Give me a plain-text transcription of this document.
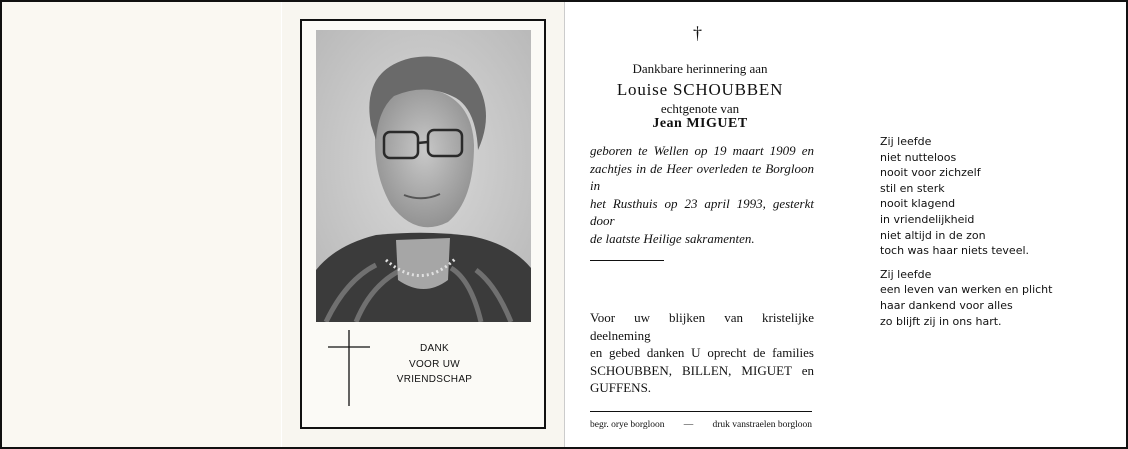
DANK
VOOR UW
VRIENDSCHAP
†
Dankbare herinnering aan
Louise SCHOUBBEN
echtgenote van
Jean MIGUET
geboren te Wellen op 19 maart 1909 en
zachtjes in de Heer overleden te Borgloon in
het Rusthuis op 23 april 1993, gesterkt door
de laatste Heilige sakramenten.
Voor uw blijken van kristelijke deelneming
en gebed danken U oprecht de families
SCHOUBBEN, BILLEN, MIGUET en
GUFFENS.
begr. orye borgloon — druk vanstraelen borgloon
Zij leefde
niet nutteloos
nooit voor zichzelf
stil en sterk
nooit klagend
in vriendelijkheid
niet altijd in de zon
toch was haar niets teveel.
Zij leefde
een leven van werken en plicht
haar dankend voor alles
zo blijft zij in ons hart.
